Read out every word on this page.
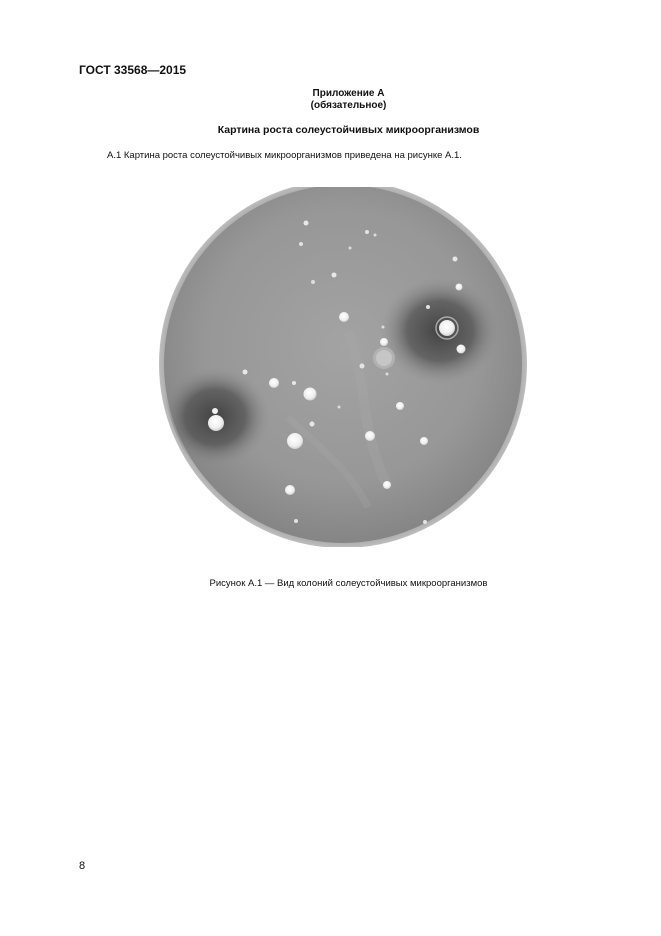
ГОСТ 33568—2015
Приложение А
(обязательное)
Картина роста солеустойчивых микроорганизмов
А.1 Картина роста солеустойчивых микроорганизмов приведена на рисунке А.1.
Рисунок А.1 — Вид колоний солеустойчивых микроорганизмов
8
